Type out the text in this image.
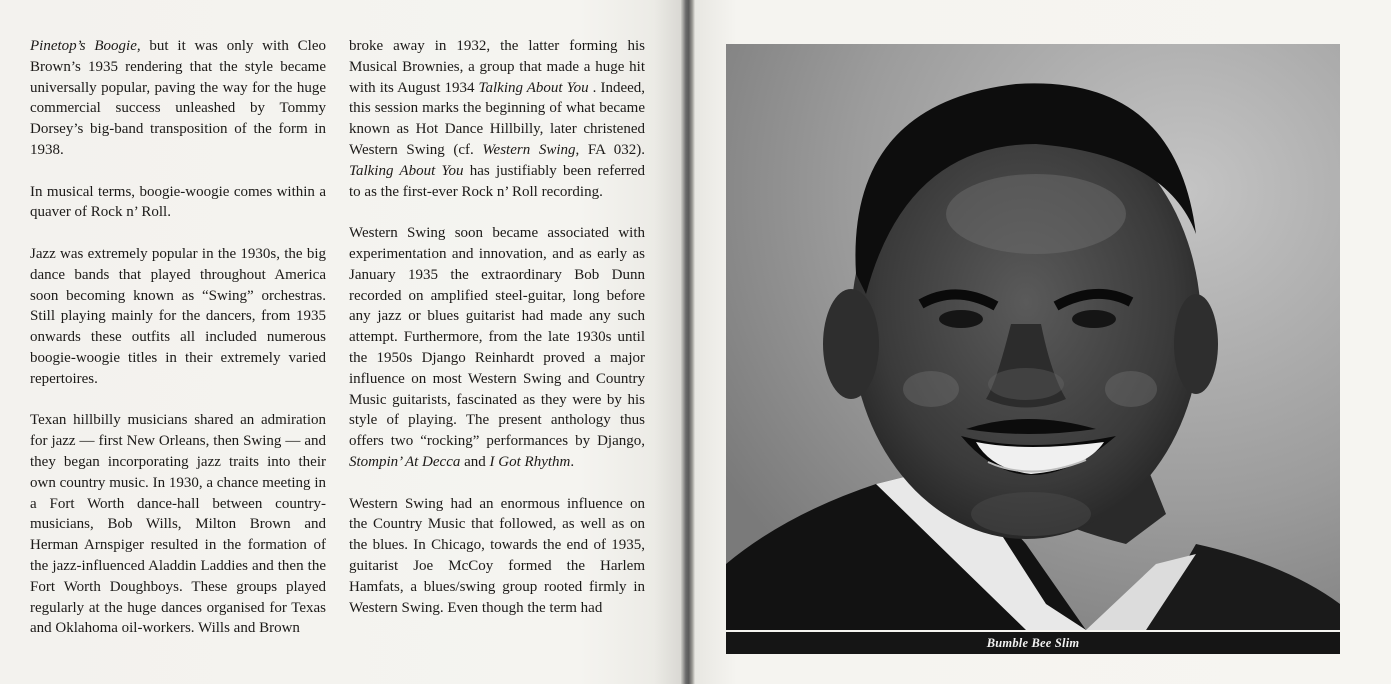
Pinetop’s Boogie, but it was only with Cleo Brown’s 1935 rendering that the style became universally popular, paving the way for the huge commercial success unleashed by Tommy Dorsey’s big-band transposition of the form in 1938.

In musical terms, boogie-woogie comes within a quaver of Rock n’ Roll.

Jazz was extremely popular in the 1930s, the big dance bands that played throughout America soon becoming known as “Swing” orchestras. Still playing mainly for the dancers, from 1935 onwards these outfits all included numerous boogie-woogie titles in their extremely varied repertoires.

Texan hillbilly musicians shared an admiration for jazz — first New Orleans, then Swing — and they began incorporating jazz traits into their own country music. In 1930, a chance meeting in a Fort Worth dance-hall between country-musicians, Bob Wills, Milton Brown and Herman Arnspiger resulted in the formation of the jazz-influenced Aladdin Laddies and then the Fort Worth Doughboys. These groups played regularly at the huge dances organised for Texas and Oklahoma oil-workers. Wills and Brown

broke away in 1932, the latter forming his Musical Brownies, a group that made a huge hit with its August 1934 Talking About You . Indeed, this session marks the beginning of what became known as Hot Dance Hillbilly, later christened Western Swing (cf. Western Swing, FA 032). Talking About You has justifiably been referred to as the first-ever Rock n’ Roll recording.

Western Swing soon became associated with experimentation and innovation, and as early as January 1935 the extraordinary Bob Dunn recorded on amplified steel-guitar, long before any jazz or blues guitarist had made any such attempt. Furthermore, from the late 1930s until the 1950s Django Reinhardt proved a major influence on most Western Swing and Country Music guitarists, fascinated as they were by his style of playing. The present anthology thus offers two “rocking” performances by Django, Stompin’ At Decca and I Got Rhythm.

Western Swing had an enormous influence on the Country Music that followed, as well as on the blues. In Chicago, towards the end of 1935, guitarist Joe McCoy formed the Harlem Hamfats, a blues/swing group rooted firmly in Western Swing. Even though the term had

Bumble Bee Slim
